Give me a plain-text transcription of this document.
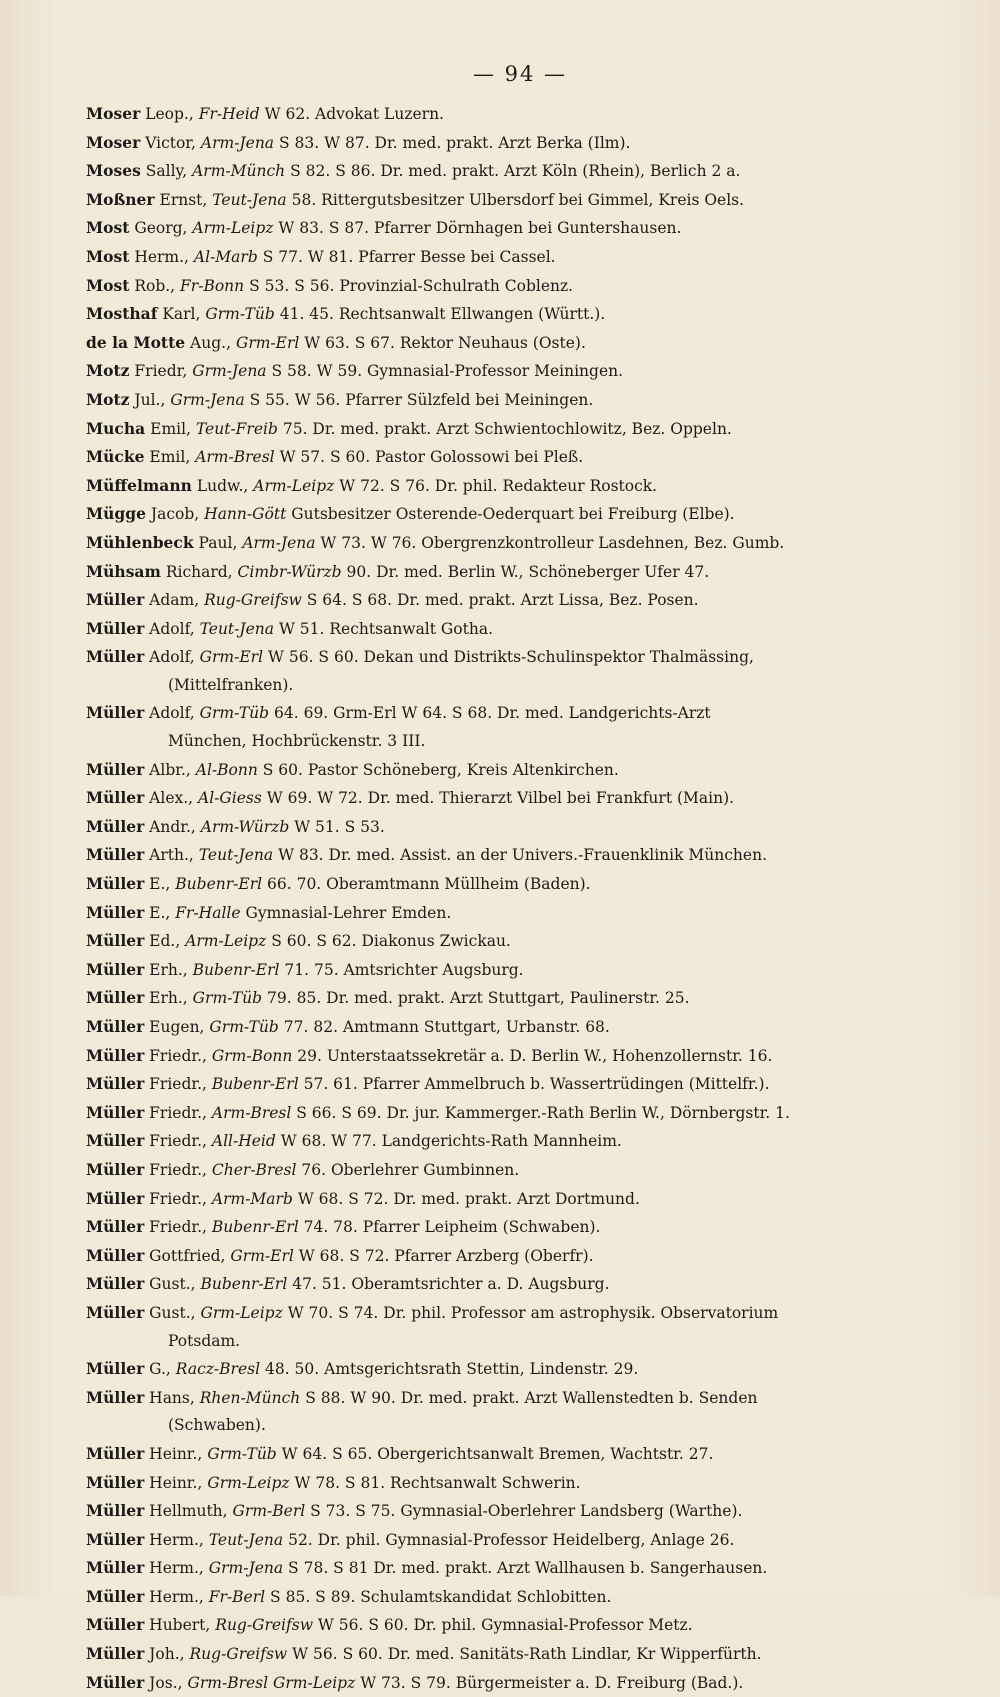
— 94 —
Moser Leop., Fr-Heid W 62. Advokat Luzern.
Moser Victor, Arm-Jena S 83. W 87. Dr. med. prakt. Arzt Berka (Ilm).
Moses Sally, Arm-Münch S 82. S 86. Dr. med. prakt. Arzt Köln (Rhein), Berlich 2 a.
Moßner Ernst, Teut-Jena 58. Rittergutsbesitzer Ulbersdorf bei Gimmel, Kreis Oels.
Most Georg, Arm-Leipz W 83. S 87. Pfarrer Dörnhagen bei Guntershausen.
Most Herm., Al-Marb S 77. W 81. Pfarrer Besse bei Cassel.
Most Rob., Fr-Bonn S 53. S 56. Provinzial-Schulrath Coblenz.
Mosthaf Karl, Grm-Tüb 41. 45. Rechtsanwalt Ellwangen (Württ.).
de la Motte Aug., Grm-Erl W 63. S 67. Rektor Neuhaus (Oste).
Motz Friedr, Grm-Jena S 58. W 59. Gymnasial-Professor Meiningen.
Motz Jul., Grm-Jena S 55. W 56. Pfarrer Sülzfeld bei Meiningen.
Mucha Emil, Teut-Freib 75. Dr. med. prakt. Arzt Schwientochlowitz, Bez. Oppeln.
Mücke Emil, Arm-Bresl W 57. S 60. Pastor Golossowi bei Pleß.
Müffelmann Ludw., Arm-Leipz W 72. S 76. Dr. phil. Redakteur Rostock.
Mügge Jacob, Hann-Gött Gutsbesitzer Osterende-Oederquart bei Freiburg (Elbe).
Mühlenbeck Paul, Arm-Jena W 73. W 76. Obergrenzkontrolleur Lasdehnen, Bez. Gumb.
Mühsam Richard, Cimbr-Würzb 90. Dr. med. Berlin W., Schöneberger Ufer 47.
Müller Adam, Rug-Greifsw S 64. S 68. Dr. med. prakt. Arzt Lissa, Bez. Posen.
Müller Adolf, Teut-Jena W 51. Rechtsanwalt Gotha.
Müller Adolf, Grm-Erl W 56. S 60. Dekan und Distrikts-Schulinspektor Thalmässing,
(Mittelfranken).
Müller Adolf, Grm-Tüb 64. 69. Grm-Erl W 64. S 68. Dr. med. Landgerichts-Arzt
München, Hochbrückenstr. 3 III.
Müller Albr., Al-Bonn S 60. Pastor Schöneberg, Kreis Altenkirchen.
Müller Alex., Al-Giess W 69. W 72. Dr. med. Thierarzt Vilbel bei Frankfurt (Main).
Müller Andr., Arm-Würzb W 51. S 53.
Müller Arth., Teut-Jena W 83. Dr. med. Assist. an der Univers.-Frauenklinik München.
Müller E., Bubenr-Erl 66. 70. Oberamtmann Müllheim (Baden).
Müller E., Fr-Halle Gymnasial-Lehrer Emden.
Müller Ed., Arm-Leipz S 60. S 62. Diakonus Zwickau.
Müller Erh., Bubenr-Erl 71. 75. Amtsrichter Augsburg.
Müller Erh., Grm-Tüb 79. 85. Dr. med. prakt. Arzt Stuttgart, Paulinerstr. 25.
Müller Eugen, Grm-Tüb 77. 82. Amtmann Stuttgart, Urbanstr. 68.
Müller Friedr., Grm-Bonn 29. Unterstaatssekretär a. D. Berlin W., Hohenzollernstr. 16.
Müller Friedr., Bubenr-Erl 57. 61. Pfarrer Ammelbruch b. Wassertrüdingen (Mittelfr.).
Müller Friedr., Arm-Bresl S 66. S 69. Dr. jur. Kammerger.-Rath Berlin W., Dörnbergstr. 1.
Müller Friedr., All-Heid W 68. W 77. Landgerichts-Rath Mannheim.
Müller Friedr., Cher-Bresl 76. Oberlehrer Gumbinnen.
Müller Friedr., Arm-Marb W 68. S 72. Dr. med. prakt. Arzt Dortmund.
Müller Friedr., Bubenr-Erl 74. 78. Pfarrer Leipheim (Schwaben).
Müller Gottfried, Grm-Erl W 68. S 72. Pfarrer Arzberg (Oberfr).
Müller Gust., Bubenr-Erl 47. 51. Oberamtsrichter a. D. Augsburg.
Müller Gust., Grm-Leipz W 70. S 74. Dr. phil. Professor am astrophysik. Observatorium
Potsdam.
Müller G., Racz-Bresl 48. 50. Amtsgerichtsrath Stettin, Lindenstr. 29.
Müller Hans, Rhen-Münch S 88. W 90. Dr. med. prakt. Arzt Wallenstedten b. Senden
(Schwaben).
Müller Heinr., Grm-Tüb W 64. S 65. Obergerichtsanwalt Bremen, Wachtstr. 27.
Müller Heinr., Grm-Leipz W 78. S 81. Rechtsanwalt Schwerin.
Müller Hellmuth, Grm-Berl S 73. S 75. Gymnasial-Oberlehrer Landsberg (Warthe).
Müller Herm., Teut-Jena 52. Dr. phil. Gymnasial-Professor Heidelberg, Anlage 26.
Müller Herm., Grm-Jena S 78. S 81 Dr. med. prakt. Arzt Wallhausen b. Sangerhausen.
Müller Herm., Fr-Berl S 85. S 89. Schulamtskandidat Schlobitten.
Müller Hubert, Rug-Greifsw W 56. S 60. Dr. phil. Gymnasial-Professor Metz.
Müller Joh., Rug-Greifsw W 56. S 60. Dr. med. Sanitäts-Rath Lindlar, Kr Wipperfürth.
Müller Jos., Grm-Bresl Grm-Leipz W 73. S 79. Bürgermeister a. D. Freiburg (Bad.).
